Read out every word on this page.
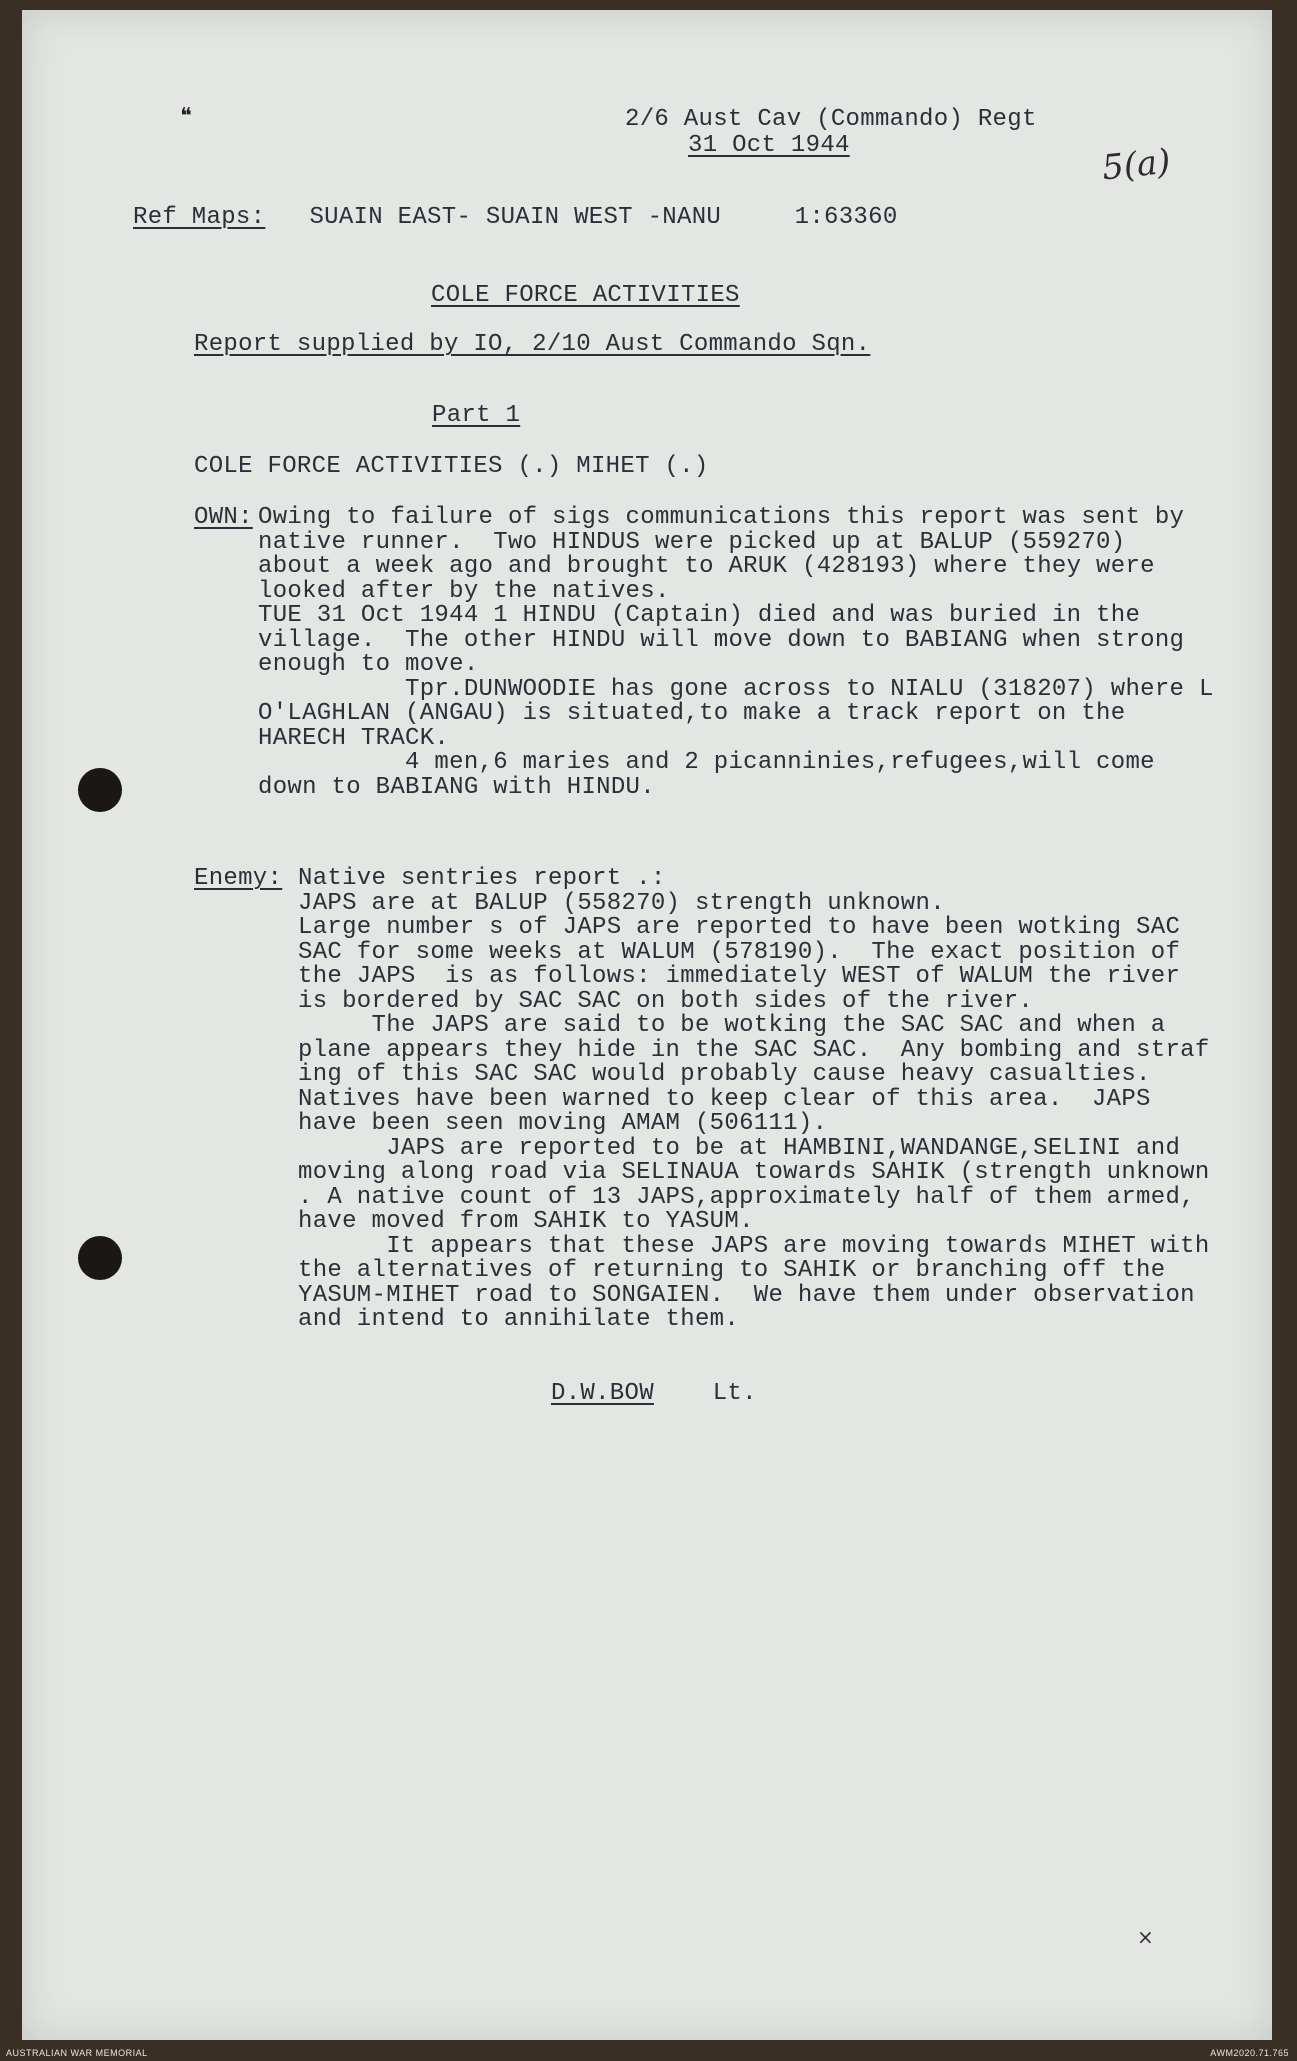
❝	2/6 Aust Cav (Commando) Regt
31 Oct 1944	5(a)
Ref Maps: SUAIN EAST- SUAIN WEST -NANU     1:63360
COLE FORCE ACTIVITIES
Report supplied by IO, 2/10 Aust Commando Sqn.
Part 1
COLE FORCE ACTIVITIES (.) MIHET (.)
OWN: Owing to failure of sigs communications this report was sent by
native runner.  Two HINDUS were picked up at BALUP (559270)
about a week ago and brought to ARUK (428193) where they were
looked after by the natives.
TUE 31 Oct 1944 1 HINDU (Captain) died and was buried in the
village.  The other HINDU will move down to BABIANG when strong
enough to move.
Tpr.DUNWOODIE has gone across to NIALU (318207) where L
O'LAGHLAN (ANGAU) is situated,to make a track report on the
HARECH TRACK.
4 men,6 maries and 2 picanninies,refugees,will come
down to BABIANG with HINDU.
Enemy: Native sentries report .:
JAPS are at BALUP (558270) strength unknown.
Large number s of JAPS are reported to have been wotking SAC
SAC for some weeks at WALUM (578190).  The exact position of
the JAPS  is as follows: immediately WEST of WALUM the river
is bordered by SAC SAC on both sides of the river.
The JAPS are said to be wotking the SAC SAC and when a
plane appears they hide in the SAC SAC.  Any bombing and straf
ing of this SAC SAC would probably cause heavy casualties.
Natives have been warned to keep clear of this area.  JAPS
have been seen moving AMAM (506111).
JAPS are reported to be at HAMBINI,WANDANGE,SELINI and
moving along road via SELINAUA towards SAHIK (strength unknown
. A native count of 13 JAPS,approximately half of them armed,
have moved from SAHIK to YASUM.
It appears that these JAPS are moving towards MIHET with
the alternatives of returning to SAHIK or branching off the
YASUM-MIHET road to SONGAIEN.  We have them under observation
and intend to annihilate them.
D.W.BOW Lt.
×
AUSTRALIAN WAR MEMORIAL	AWM2020.71.765
